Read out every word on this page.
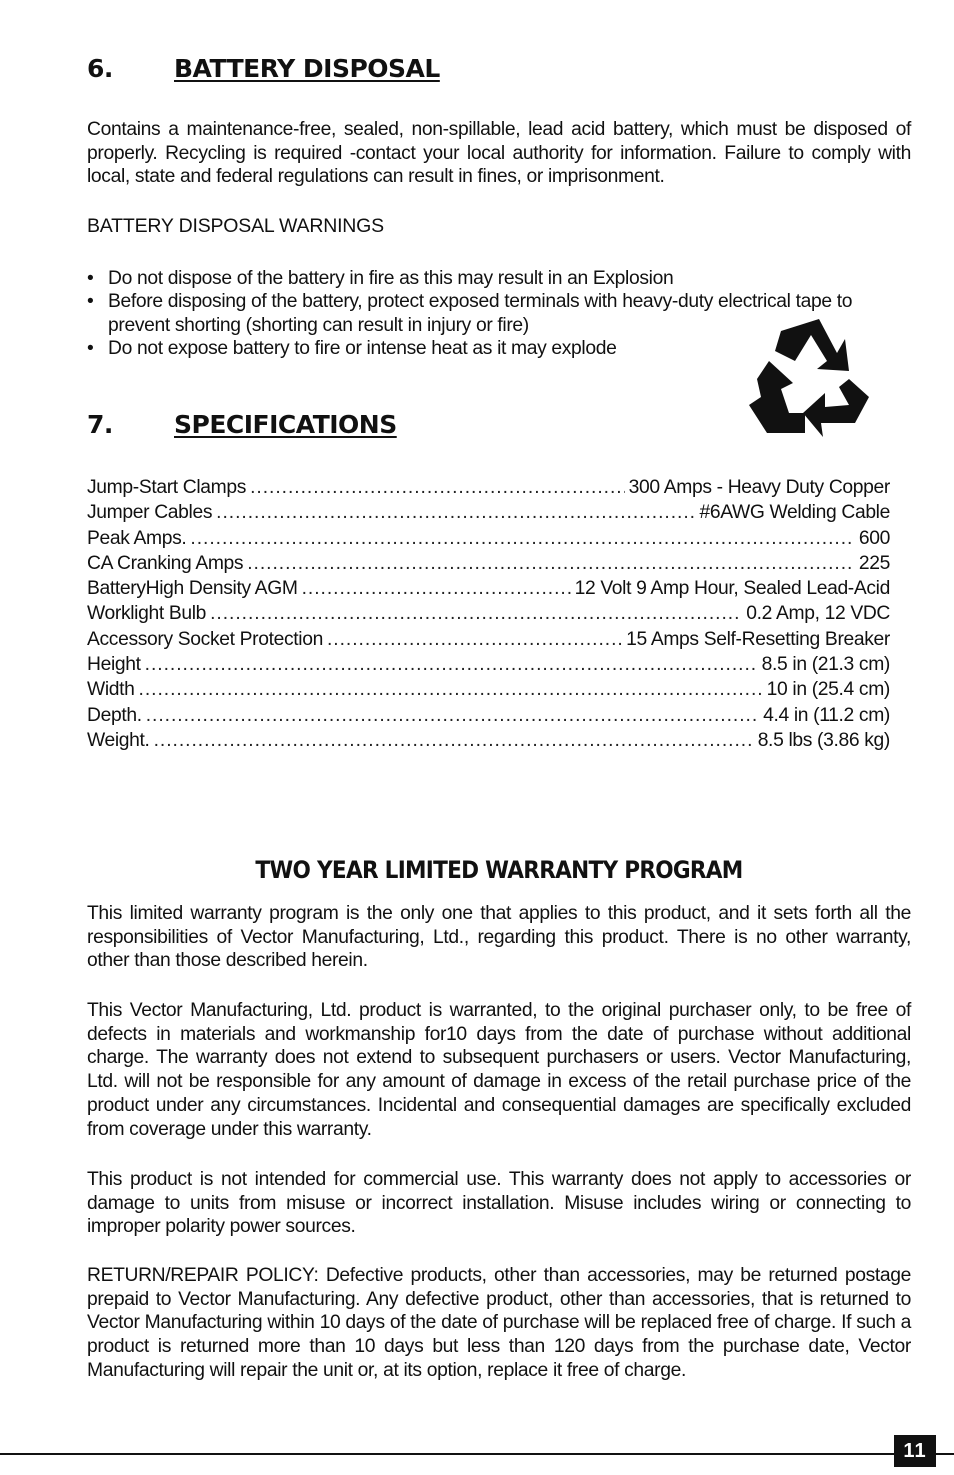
6. BATTERY DISPOSAL

Contains a maintenance-free, sealed, non-spillable, lead acid battery, which must be disposed of properly. Recycling is required -contact your local authority for information. Failure to comply with local, state and federal regulations can result in fines, or imprisonment.

BATTERY DISPOSAL WARNINGS

• Do not dispose of the battery in fire as this may result in an Explosion
• Before disposing of the battery, protect exposed terminals with heavy-duty electrical tape to prevent shorting (shorting can result in injury or fire)
• Do not expose battery to fire or intense heat as it may explode
7. SPECIFICATIONS
Jump-Start Clamps . . .	300 Amps - Heavy Duty Copper
Jumper Cables . . .	#6AWG Welding Cable
Peak Amps. . . .	600
CA Cranking Amps . . .	225
BatteryHigh Density AGM . . .	12 Volt 9 Amp Hour, Sealed Lead-Acid
Worklight Bulb . . .	0.2 Amp, 12 VDC
Accessory Socket Protection . . .	15 Amps Self-Resetting Breaker
Height . . .	8.5 in (21.3 cm)
Width . . .	10 in (25.4 cm)
Depth. . . .	4.4 in (11.2 cm)
Weight. . . .	8.5 lbs (3.86 kg)
TWO YEAR LIMITED WARRANTY PROGRAM

This limited warranty program is the only one that applies to this product, and it sets forth all the responsibilities of Vector Manufacturing, Ltd., regarding this product. There is no other warranty, other than those described herein.

This Vector Manufacturing, Ltd. product is warranted, to the original purchaser only, to be free of defects in materials and workmanship for10 days from the date of purchase without additional charge. The warranty does not extend to subsequent purchasers or users. Vector Manufacturing, Ltd. will not be responsible for any amount of damage in excess of the retail purchase price of the product under any circumstances. Incidental and consequential damages are specifically excluded from coverage under this warranty.

This product is not intended for commercial use. This warranty does not apply to accessories or damage to units from misuse or incorrect installation. Misuse includes wiring or connecting to improper polarity power sources.

RETURN/REPAIR POLICY: Defective products, other than accessories, may be returned postage prepaid to Vector Manufacturing. Any defective product, other than accessories, that is returned to Vector Manufacturing within 10 days of the date of purchase will be replaced free of charge. If such a product is returned more than 10 days but less than 120 days from the purchase date, Vector Manufacturing will repair the unit or, at its option, replace it free of charge.

11
